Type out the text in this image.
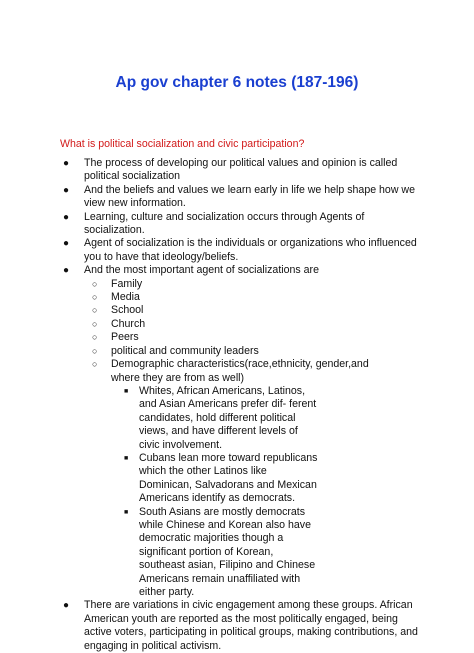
Ap gov chapter 6 notes (187-196)
What is political socialization and civic participation?
● The process of developing our political values and opinion is called political socialization
● And the beliefs and values we learn early in life we help shape how we view new information.
● Learning, culture and socialization occurs through Agents of socialization.
● Agent of socialization is the individuals or organizations who influenced you to have that ideology/beliefs.
● And the most important agent of socializations are
○ Family
○ Media
○ School
○ Church
○ Peers
○ political and community leaders
○ Demographic characteristics(race,ethnicity, gender,and where they are from as well)
■ Whites, African Americans, Latinos, and Asian Americans prefer dif- ferent candidates, hold different political views, and have different levels of civic involvement.
■ Cubans lean more toward republicans which the other Latinos like Dominican, Salvadorans and Mexican Americans identify as democrats.
■ South Asians are mostly democrats while Chinese and Korean also have democratic majorities though a significant portion of Korean, southeast asian, Filipino and Chinese Americans remain unaffiliated with either party.
● There are variations in civic engagement among these groups. African American youth are reported as the most politically engaged, being active voters, participating in political groups, making contributions, and engaging in political activism.
